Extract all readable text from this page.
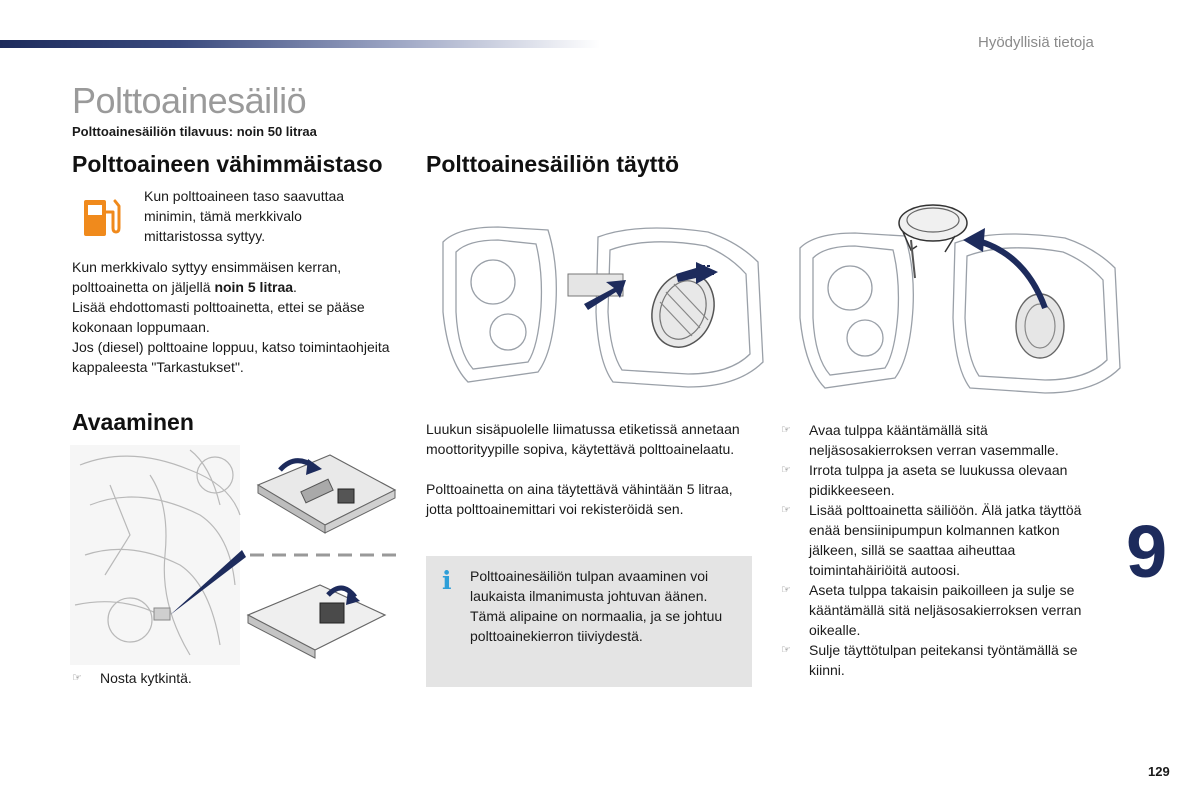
Hyödyllisiä tietoja
Polttoainesäiliö
Polttoainesäiliön tilavuus: noin 50 litraa
Polttoaineen vähimmäistaso
Kun polttoaineen taso saavuttaa minimin, tämä merkkivalo mittaristossa syttyy.
Kun merkkivalo syttyy ensimmäisen kerran, polttoainetta on jäljellä noin 5 litraa.
Lisää ehdottomasti polttoainetta, ettei se pääse kokonaan loppumaan.
Jos (diesel) polttoaine loppuu, katso toimintaohjeita kappaleesta "Tarkastukset".
Avaaminen
☞ Nosta kytkintä.
Polttoainesäiliön täyttö
Luukun sisäpuolelle liimatussa etiketissä annetaan moottorityypille sopiva, käytettävä polttoainelaatu.
Polttoainetta on aina täytettävä vähintään 5 litraa, jotta polttoainemittari voi rekisteröidä sen.
i Polttoainesäiliön tulpan avaaminen voi laukaista ilmanimusta johtuvan äänen. Tämä alipaine on normaalia, ja se johtuu polttoainekierron tiiviydestä.
☞ Avaa tulppa kääntämällä sitä neljäsosakierroksen verran vasemmalle.
☞ Irrota tulppa ja aseta se luukussa olevaan pidikkeeseen.
☞ Lisää polttoainetta säiliöön. Älä jatka täyttöä enää bensiinipumpun kolmannen katkon jälkeen, sillä se saattaa aiheuttaa toimintahäiriöitä autoosi.
☞ Aseta tulppa takaisin paikoilleen ja sulje se kääntämällä sitä neljäsosakierroksen verran oikealle.
☞ Sulje täyttötulpan peitekansi työntämällä se kiinni.
9
129
